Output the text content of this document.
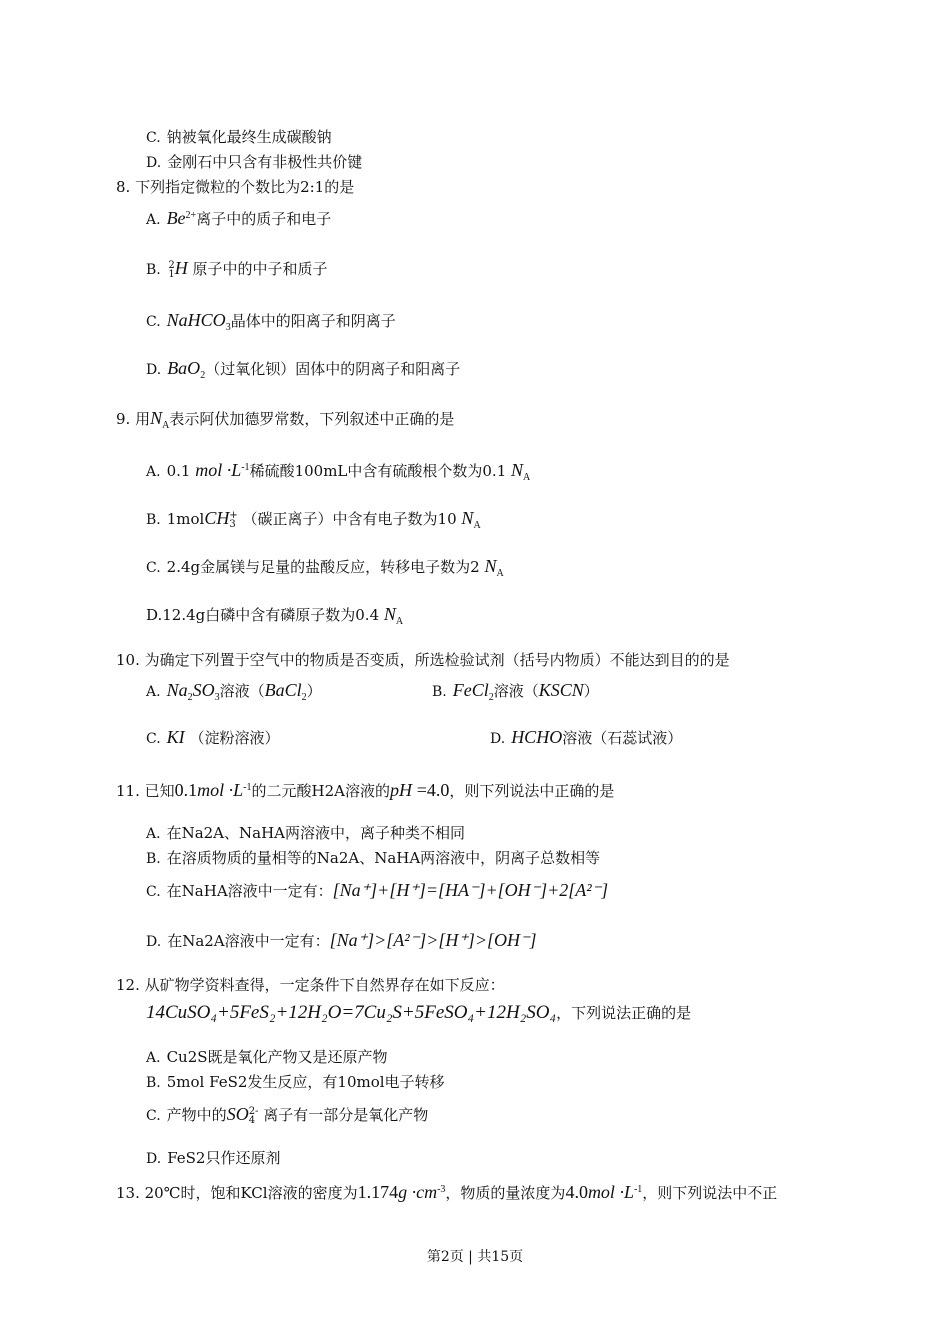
C. 钠被氧化最终生成碳酸钠
D. 金刚石中只含有非极性共价键
8. 下列指定微粒的个数比为2:1的是
A. $Be^{2+}$离子中的质子和电子
B. 2
1 H 原子中的中子和质子
C. NaHCO$_3$晶体中的阳离子和阴离子
D. BaO$_2$（过氧化钡）固体中的阴离子和阳离子
9. 用$N_A$表示阿伏加德罗常数，下列叙述中正确的是
A. 0.1 mol $\cdot L^{-1}$稀硫酸100mL中含有硫酸根个数为0.1 $N_A$
B. 1molCH +
3 （碳正离子）中含有电子数为10 $N_A$
C. 2.4g金属镁与足量的盐酸反应，转移电子数为2 $N_A$
D.12.4g白磷中含有磷原子数为0.4 $N_A$
10. 为确定下列置于空气中的物质是否变质，所选检验试剂（括号内物质）不能达到目的的是
A. $Na_2SO_3$溶液（BaCl$_2$）	B. FeCl$_2$溶液（KSCN）
C. KI （淀粉溶液）	D. HCHO溶液（石蕊试液）
11. 已知$0.1mol \cdot L^{-1}$的二元酸H2A溶液的pH =4.0，则下列说法中正确的是
A. 在Na2A、NaHA两溶液中，离子种类不相同
B. 在溶质物质的量相等的Na2A、NaHA两溶液中，阴离子总数相等
C. 在NaHA溶液中一定有：[Na⁺]+[H⁺]=[HA⁻]+[OH⁻]+2[A²⁻]
D. 在Na2A溶液中一定有：[Na⁺]>[A²⁻]>[H⁺]>[OH⁻]
12. 从矿物学资料查得，一定条件下自然界存在如下反应：
14CuSO₄+5FeS₂+12H₂O=7Cu₂S+5FeSO₄+12H₂SO₄，下列说法正确的是
A. Cu2S既是氧化产物又是还原产物
B. 5mol FeS2发生反应，有10mol电子转移
C. 产物中的SO 2-
4 离子有一部分是氧化产物
D. FeS2只作还原剂
13. 20℃时，饱和KCl溶液的密度为$1.174g \cdot cm^{-3}$，物质的量浓度为$4.0mol \cdot L^{-1}$，则下列说法中不正
第2页 | 共15页
